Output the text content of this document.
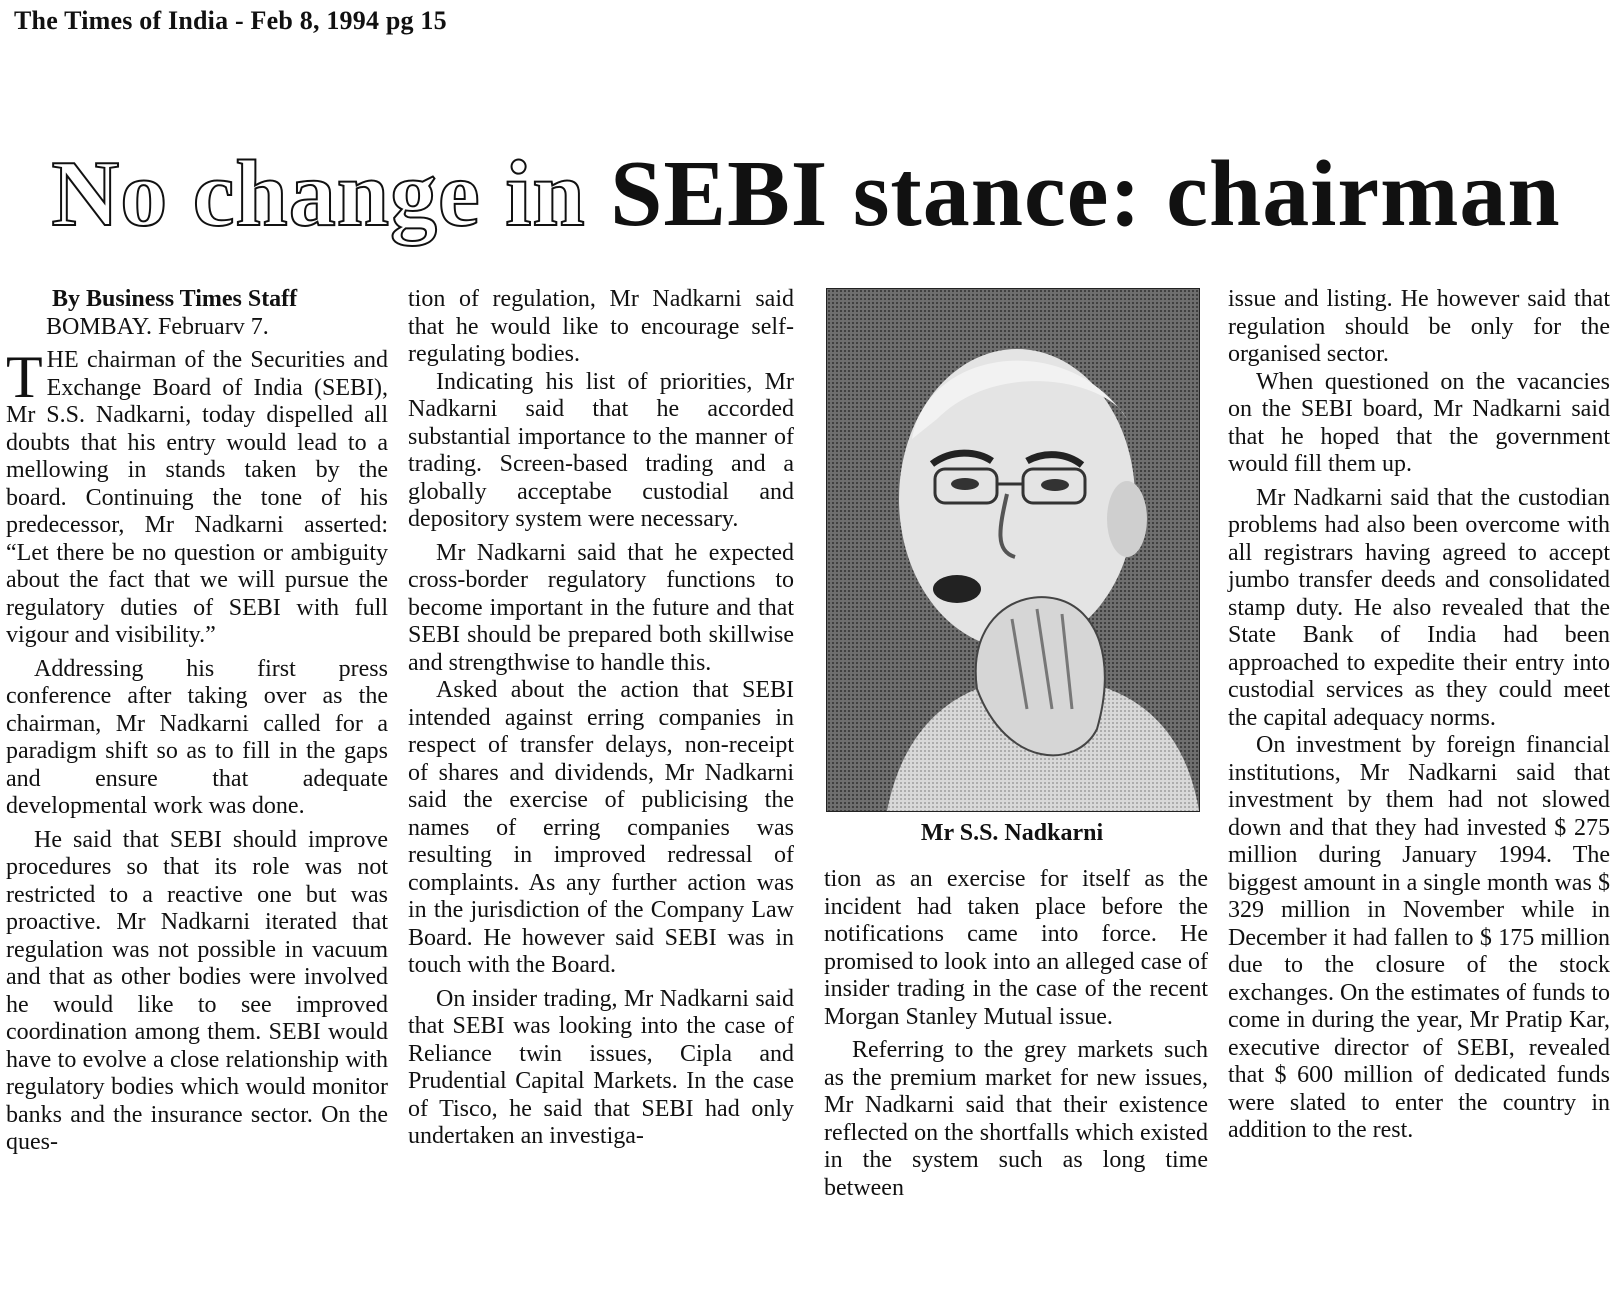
The Times of India - Feb 8, 1994 pg 15
No change in SEBI stance: chairman

By Business Times Staff

BOMBAY. Februarv 7.

THE chairman of the Securities and Exchange Board of India (SEBI), Mr S.S. Nadkarni, today dispelled all doubts that his entry would lead to a mellowing in stands taken by the board. Continuing the tone of his predecessor, Mr Nadkarni asserted: “Let there be no question or ambiguity about the fact that we will pursue the regulatory duties of SEBI with full vigour and visibility.”

Addressing his first press conference after taking over as the chairman, Mr Nadkarni called for a paradigm shift so as to fill in the gaps and ensure that adequate developmental work was done.

He said that SEBI should improve procedures so that its role was not restricted to a reactive one but was proactive. Mr Nadkarni iterated that regulation was not possible in vacuum and that as other bodies were involved he would like to see improved coordination among them. SEBI would have to evolve a close relationship with regulatory bodies which would monitor banks and the insurance sector. On the ques-

tion of regulation, Mr Nadkarni said that he would like to encourage self-regulating bodies.

Indicating his list of priorities, Mr Nadkarni said that he accorded substantial importance to the manner of trading. Screen-based trading and a globally acceptabe custodial and depository system were necessary.

Mr Nadkarni said that he expected cross-border regulatory functions to become important in the future and that SEBI should be prepared both skillwise and strengthwise to handle this.

Asked about the action that SEBI intended against erring companies in respect of transfer delays, non-receipt of shares and dividends, Mr Nadkarni said the exercise of publicising the names of erring companies was resulting in improved redressal of complaints. As any further action was in the jurisdiction of the Company Law Board. He however said SEBI was in touch with the Board.

On insider trading, Mr Nadkarni said that SEBI was looking into the case of Reliance twin issues, Cipla and Prudential Capital Markets. In the case of Tisco, he said that SEBI had only undertaken an investiga-

Mr S.S. Nadkarni

tion as an exercise for itself as the incident had taken place before the notifications came into force. He promised to look into an alleged case of insider trading in the case of the recent Morgan Stanley Mutual issue.

Referring to the grey markets such as the premium market for new issues, Mr Nadkarni said that their existence reflected on the shortfalls which existed in the system such as long time between

issue and listing. He however said that regulation should be only for the organised sector.

When questioned on the vacancies on the SEBI board, Mr Nadkarni said that he hoped that the government would fill them up.

Mr Nadkarni said that the custodian problems had also been overcome with all registrars having agreed to accept jumbo transfer deeds and consolidated stamp duty. He also revealed that the State Bank of India had been approached to expedite their entry into custodial services as they could meet the capital adequacy norms.

On investment by foreign financial institutions, Mr Nadkarni said that investment by them had not slowed down and that they had invested $ 275 million during January 1994. The biggest amount in a single month was $ 329 million in November while in December it had fallen to $ 175 million due to the closure of the stock exchanges. On the estimates of funds to come in during the year, Mr Pratip Kar, executive director of SEBI, revealed that $ 600 million of dedicated funds were slated to enter the country in addition to the rest.
